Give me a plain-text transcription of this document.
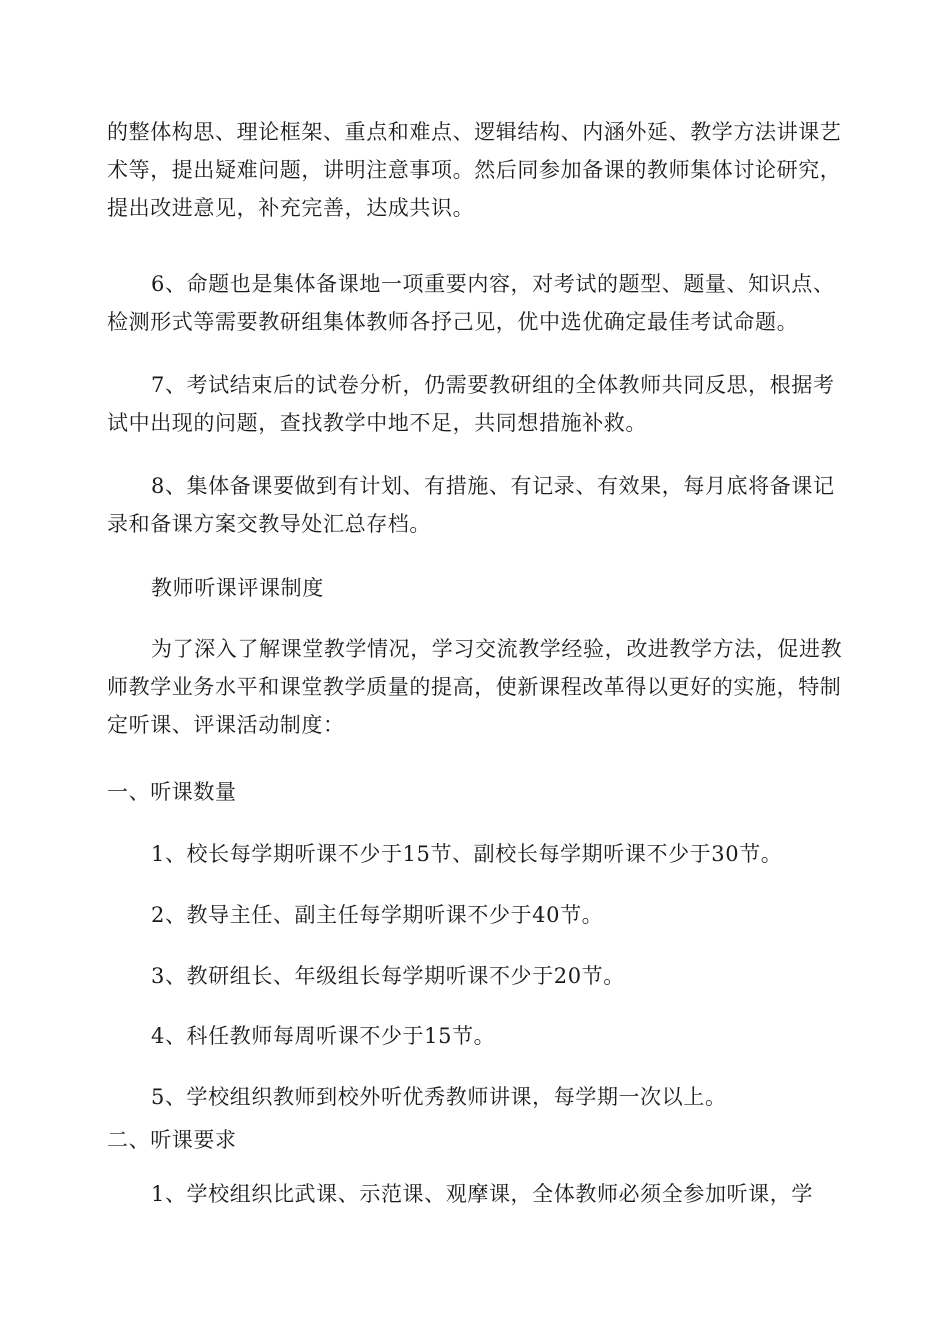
的整体构思、理论框架、重点和难点、逻辑结构、内涵外延、教学方法讲课艺术等，提出疑难问题，讲明注意事项。然后同参加备课的教师集体讨论研究，提出改进意见，补充完善，达成共识。

6、命题也是集体备课地一项重要内容，对考试的题型、题量、知识点、检测形式等需要教研组集体教师各抒己见，优中选优确定最佳考试命题。

7、考试结束后的试卷分析，仍需要教研组的全体教师共同反思，根据考试中出现的问题，查找教学中地不足，共同想措施补救。

8、集体备课要做到有计划、有措施、有记录、有效果，每月底将备课记录和备课方案交教导处汇总存档。

教师听课评课制度

为了深入了解课堂教学情况，学习交流教学经验，改进教学方法，促进教师教学业务水平和课堂教学质量的提高，使新课程改革得以更好的实施，特制定听课、评课活动制度：

一、听课数量

1、校长每学期听课不少于15节、副校长每学期听课不少于30节。

2、教导主任、副主任每学期听课不少于40节。

3、教研组长、年级组长每学期听课不少于20节。

4、科任教师每周听课不少于15节。

5、学校组织教师到校外听优秀教师讲课，每学期一次以上。

二、听课要求

1、学校组织比武课、示范课、观摩课，全体教师必须全参加听课，学
